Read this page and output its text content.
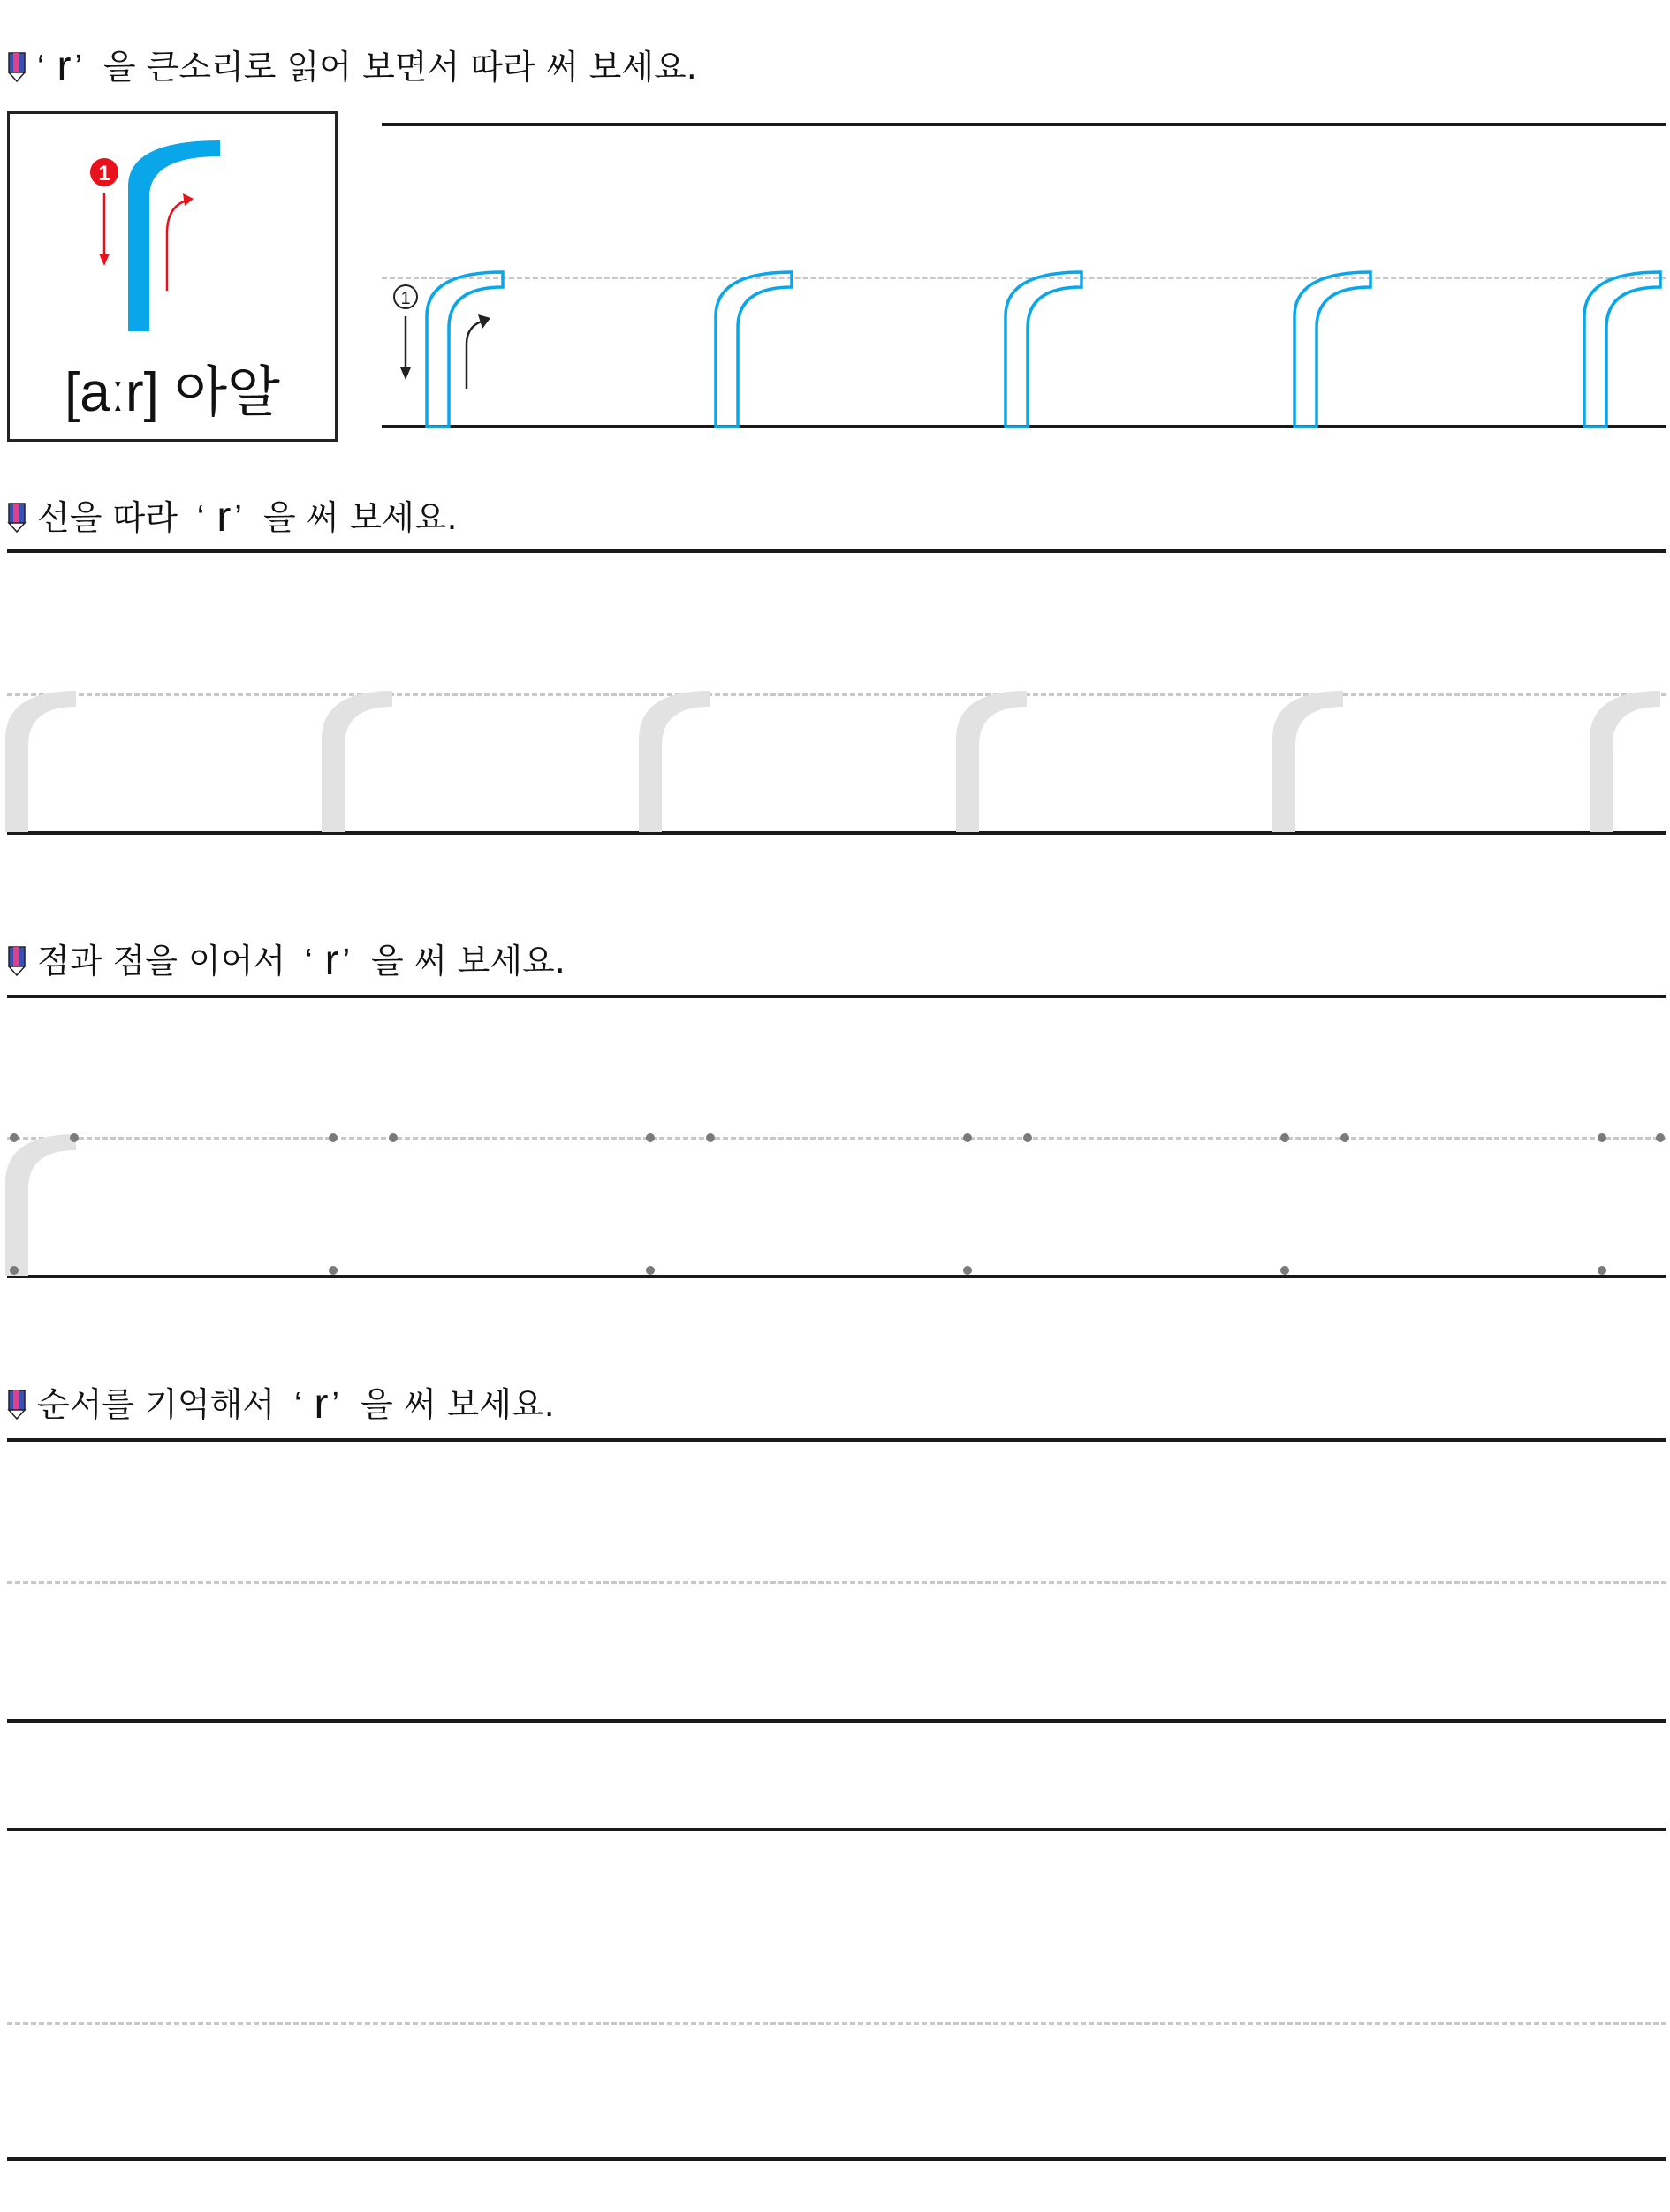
‘ r ’ 을 큰소리로 읽어 보면서 따라 써 보세요.
1
[aːr] 아알
1
선을 따라 ‘ r ’ 을 써 보세요.
점과 점을 이어서 ‘ r ’ 을 써 보세요.
순서를 기억해서 ‘ r ’ 을 써 보세요.
